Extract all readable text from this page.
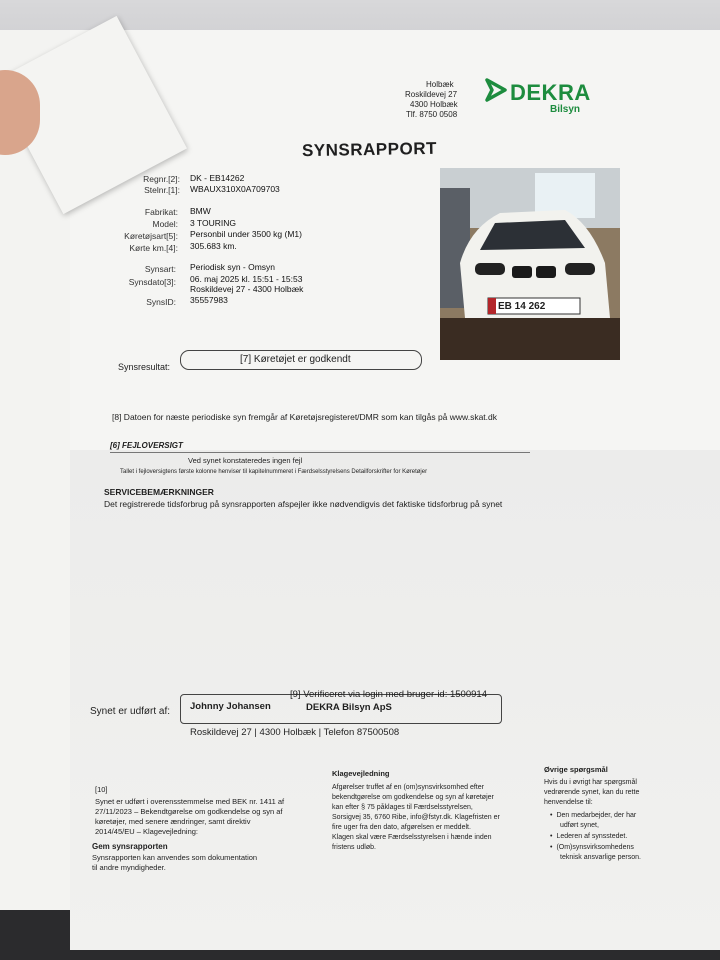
Holbæk
Roskildevej 27
4300 Holbæk
Tlf. 8750 0508
DEKRA
Bilsyn
SYNSRAPPORT
Regnr.[2]: DK - EB14262
Stelnr.[1]: WBAUX310X0A709703
Fabrikat: BMW
Model: 3 TOURING
Køretøjsart[5]: Personbil under 3500 kg (M1)
Kørte km.[4]: 305.683 km.
Synsart: Periodisk syn - Omsyn
Synsdato[3]: 06. maj 2025 kl. 15:51 - 15:53
Roskildevej 27 - 4300 Holbæk
SynsID: 35557983
EB 14 262
Synsresultat:
[7] Køretøjet er godkendt
[8] Datoen for næste periodiske syn fremgår af Køretøjsregisteret/DMR som kan tilgås på www.skat.dk
[6] FEJLOVERSIGT
Ved synet konstateredes ingen fejl
Tallet i fejloversigtens første kolonne henviser til kapitelnummeret i Færdselsstyrelsens Detailforskrifter for Køretøjer
SERVICEBEMÆRKNINGER
Det registrerede tidsforbrug på synsrapporten afspejler ikke nødvendigvis det faktiske tidsforbrug på synet
Synet er udført af: Johnny Johansen
[9] Verificeret via login med bruger-id: 1500914
DEKRA Bilsyn ApS
Roskildevej 27 | 4300 Holbæk | Telefon 87500508
[10]
Synet er udført i overensstemmelse med BEK nr. 1411 af
27/11/2023 – Bekendtgørelse om godkendelse og syn af
køretøjer, med senere ændringer, samt direktiv
2014/45/EU – Klagevejledning:
Gem synsrapporten
Synsrapporten kan anvendes som dokumentation
til andre myndigheder.
Klagevejledning
Afgørelser truffet af en (om)synsvirksomhed efter
bekendtgørelse om godkendelse og syn af køretøjer
kan efter § 75 påklages til Færdselsstyrelsen,
Sorsigvej 35, 6760 Ribe, info@fstyr.dk. Klagefristen er
fire uger fra den dato, afgørelsen er meddelt.
Klagen skal være Færdselsstyrelsen i hænde inden
fristens udløb.
Øvrige spørgsmål
Hvis du i øvrigt har spørgsmål
vedrørende synet, kan du rette
henvendelse til:
• Den medarbejder, der har
udført synet,
• Lederen af synsstedet.
• (Om)synsvirksomhedens
teknisk ansvarlige person.
